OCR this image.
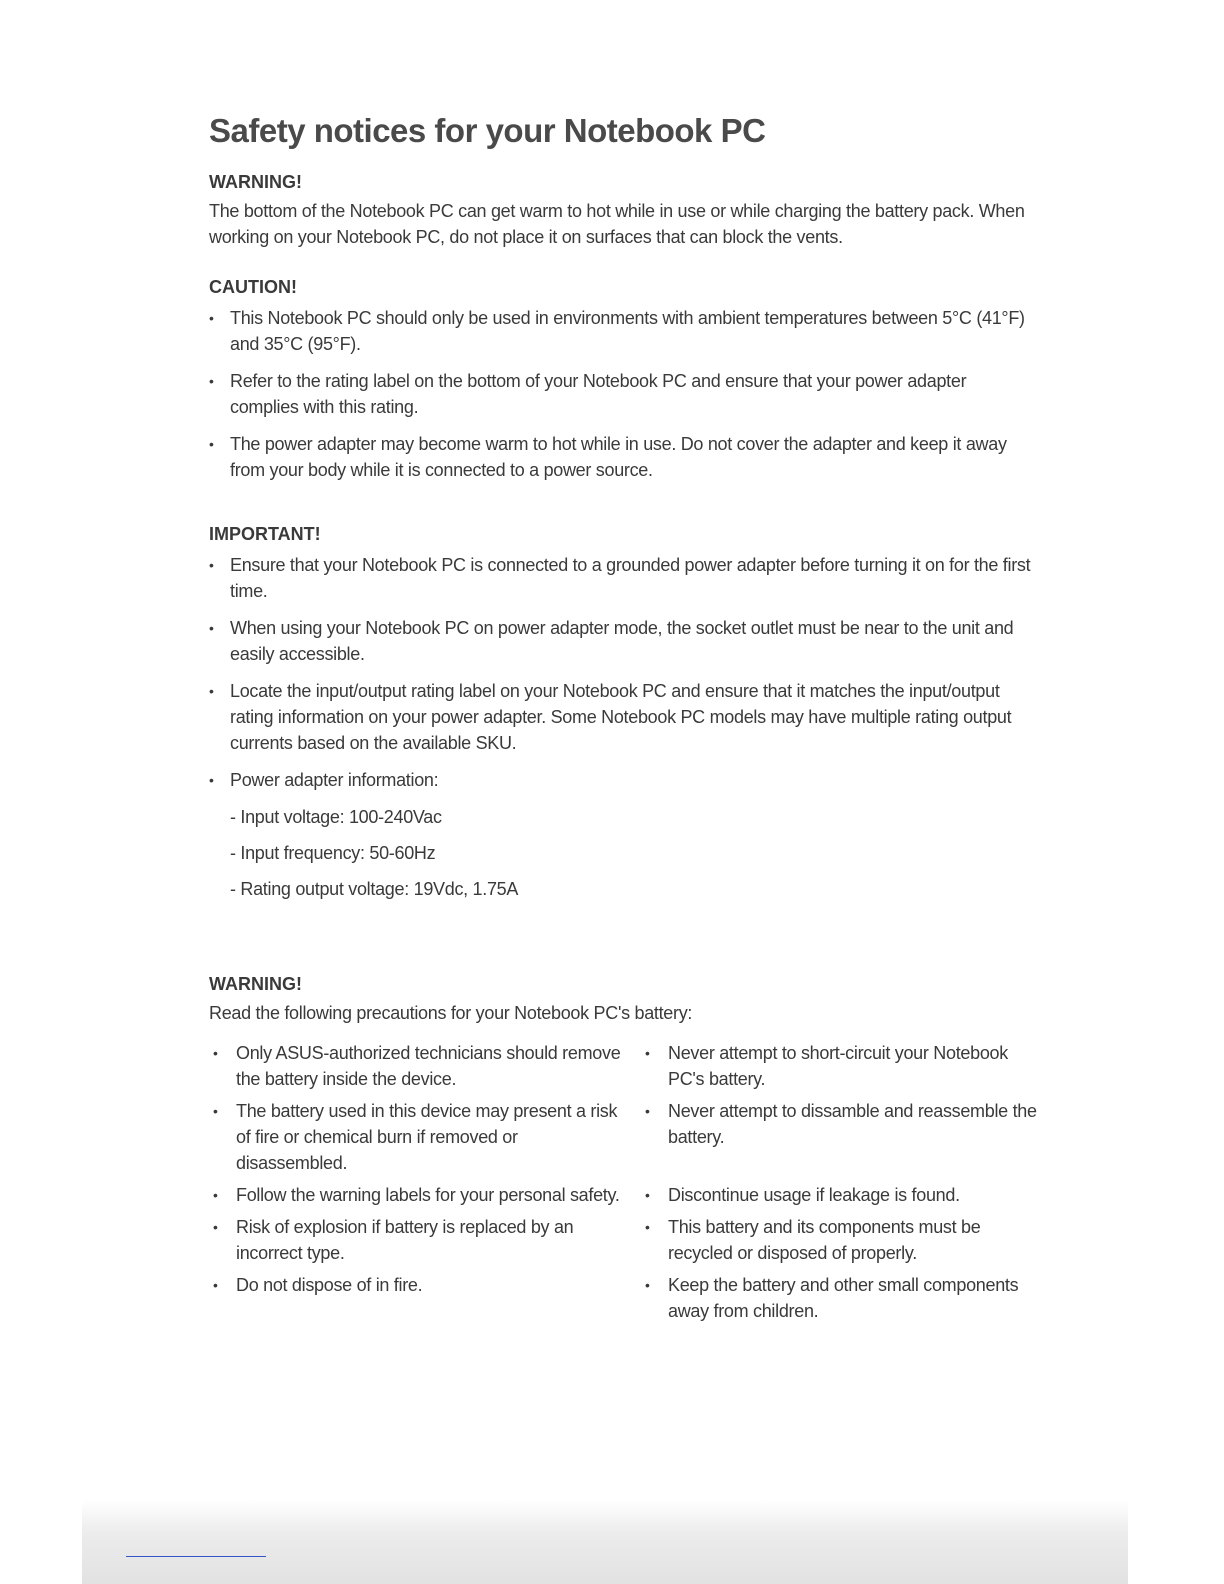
Safety notices for your Notebook PC
WARNING!

The bottom of the Notebook PC can get warm to hot while in use or while charging the battery pack. When working on your Notebook PC, do not place it on surfaces that can block the vents.

CAUTION!
• This Notebook PC should only be used in environments with ambient temperatures between 5°C (41°F) and 35°C (95°F).
• Refer to the rating label on the bottom of your Notebook PC and ensure that your power adapter complies with this rating.
• The power adapter may become warm to hot while in use. Do not cover the adapter and keep it away from your body while it is connected to a power source.
IMPORTANT!
• Ensure that your Notebook PC is connected to a grounded power adapter before turning it on for the first time.
• When using your Notebook PC on power adapter mode, the socket outlet must be near to the unit and easily accessible.
• Locate the input/output rating label on your Notebook PC and ensure that it matches the input/output rating information on your power adapter. Some Notebook PC models may have multiple rating output currents based on the available SKU.
• Power adapter information:
- Input voltage: 100-240Vac
- Input frequency: 50-60Hz
- Rating output voltage: 19Vdc, 1.75A
WARNING!

Read the following precautions for your Notebook PC's battery:

• Only ASUS-authorized technicians should remove the battery inside the device.
• Never attempt to short-circuit your Notebook PC's battery.
• The battery used in this device may present a risk of fire or chemical burn if removed or disassembled.
• Never attempt to dissamble and reassemble the battery.
• Follow the warning labels for your personal safety.	• Discontinue usage if leakage is found.
• Risk of explosion if battery is replaced by an incorrect type.
• This battery and its components must be recycled or disposed of properly.
• Do not dispose of in fire.	• Keep the battery and other small components away from children.
